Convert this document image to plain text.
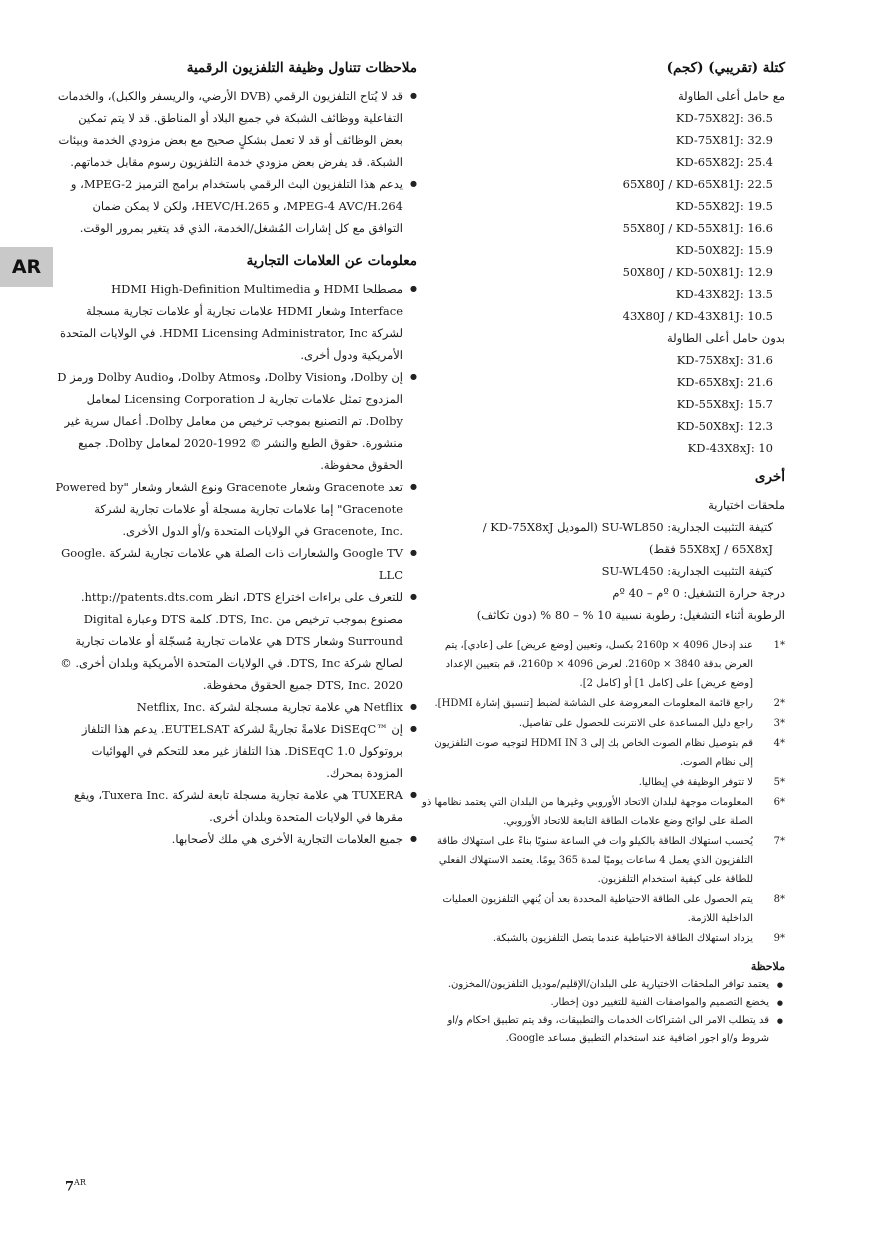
AR
كتلة (تقريبي) (كجم)

مع حامل أعلى الطاولة

36.5 :KD-75X82J

32.9 :KD-75X81J

25.4 :KD-65X82J

22.5 :65X80J / KD-65X81J

19.5 :KD-55X82J

16.6 :55X80J / KD-55X81J

15.9 :KD-50X82J

12.9 :50X80J / KD-50X81J

13.5 :KD-43X82J

10.5 :43X80J / KD-43X81J

بدون حامل أعلى الطاولة

31.6 :KD-75X8xJ

21.6 :KD-65X8xJ

15.7 :KD-55X8xJ

12.3 :KD-50X8xJ

10 :KD-43X8xJ

أخرى

ملحقات اختيارية

كتيفة التثبيت الجدارية: SU-WL850 (الموديل KD-75X8xJ /

55X8xJ / 65X8xJ فقط)

كتيفة التثبيت الجدارية: SU-WL450

درجة حرارة التشغيل: 0 ºم – 40 ºم

الرطوبة أثناء التشغيل: رطوبة نسبية 10 % – 80 % (دون تكاثف)

*1
عند إدخال 4096 × 2160p بكسل، وتعيين [وضع عريض] على [عادي]، يتم العرض بدقة 3840 × 2160p. لعرض 4096 × 2160p، قم بتعيين الإعداد [وضع عريض] على [كامل 1] أو [كامل 2].
*2
راجع قائمة المعلومات المعروضة على الشاشة لضبط [تنسيق إشارة HDMI].
*3
راجع دليل المساعدة على الانترنت للحصول على تفاصيل.
*4
قم بتوصيل نظام الصوت الخاص بك إلى HDMI IN 3 لتوجيه صوت التلفزيون إلى نظام الصوت.
*5
لا تتوفر الوظيفة في إيطاليا.
*6
المعلومات موجهة لبلدان الاتحاد الأوروبي وغيرها من البلدان التي يعتمد نظامها ذو الصلة على لوائح وضع علامات الطاقة التابعة للاتحاد الأوروبي.
*7
يُحسب استهلاك الطاقة بالكيلو وات في الساعة سنويًا بناءً على استهلاك طاقة التلفزيون الذي يعمل 4 ساعات يوميًا لمدة 365 يومًا. يعتمد الاستهلاك الفعلي للطاقة على كيفية استخدام التلفزيون.
*8
يتم الحصول على الطاقة الاحتياطية المحددة بعد أن يُنهي التلفزيون العمليات الداخلية اللازمة.
*9
يزداد استهلاك الطاقة الاحتياطية عندما يتصل التلفزيون بالشبكة.
ملاحظة
● يعتمد توافر الملحقات الاختيارية على البلدان/الإقليم/موديل التلفزيون/المخزون.
● يخضع التصميم والمواصفات الفنية للتغيير دون إخطار.
● قد يتطلب الامر الى اشتراكات الخدمات والتطبيقات، وقد يتم تطبيق احكام و/او شروط و/او اجور اضافية عند استخدام التطبيق مساعد Google.
ملاحظات تتناول وظيفة التلفزيون الرقمية
● قد لا يُتاح التلفزيون الرقمي (DVB الأرضي، والريسفر والكبل)، والخدمات التفاعلية ووظائف الشبكة في جميع البلاد أو المناطق. قد لا يتم تمكين بعض الوظائف أو قد لا تعمل بشكلٍ صحيح مع بعض مزودي الخدمة وبيئات الشبكة. قد يفرض بعض مزودي خدمة التلفزيون رسوم مقابل خدماتهم.
● يدعم هذا التلفزيون البث الرقمي باستخدام برامج الترميز MPEG-2، و MPEG-4 AVC/H.264، و HEVC/H.265، ولكن لا يمكن ضمان التوافق مع كل إشارات المُشغل/الخدمة، الذي قد يتغير بمرور الوقت.
معلومات عن العلامات التجارية
● مصطلحا HDMI و HDMI High-Definition Multimedia Interface وشعار HDMI علامات تجارية أو علامات تجارية مسجلة لشركة HDMI Licensing Administrator, Inc. في الولايات المتحدة الأمريكية ودول أخرى.
● إن Dolby، وDolby Vision، وDolby Atmos، وDolby Audio ورمز D المزدوج تمثل علامات تجارية لـ Licensing Corporation لمعامل Dolby. تم التصنيع بموجب ترخيص من معامل Dolby. أعمال سرية غير منشورة. حقوق الطبع والنشر © 1992-2020 لمعامل Dolby. جميع الحقوق محفوظة.
● تعد Gracenote وشعار Gracenote ونوع الشعار وشعار "Powered by Gracenote" إما علامات تجارية مسجلة أو علامات تجارية لشركة .Gracenote, Inc في الولايات المتحدة و/أو الدول الأخرى.
● Google TV والشعارات ذات الصلة هي علامات تجارية لشركة .Google LLC
● للتعرف على براءات اختراع DTS، انظر http://patents.dts.com. مصنوع بموجب ترخيص من .DTS, Inc. كلمة DTS وعبارة Digital Surround وشعار DTS هي علامات تجارية مُسجّلة أو علامات تجارية لصالح شركة DTS, Inc. في الولايات المتحدة الأمريكية وبلدان أخرى. © 2020 .DTS, Inc جميع الحقوق محفوظة.
● Netflix هي علامة تجارية مسجلة لشركة .Netflix, Inc
● إن ™DiSEqC علامةً تجاريةً لشركة EUTELSAT. يدعم هذا التلفاز بروتوكول DiSEqC 1.0. هذا التلفاز غير معد للتحكم في الهوائيات المزودة بمحرك.
● TUXERA هي علامة تجارية مسجلة تابعة لشركة .Tuxera Inc، ويقع مقرها في الولايات المتحدة وبلدان أخرى.
● جميع العلامات التجارية الأخرى هي ملك لأصحابها.
$7^{AR}$
